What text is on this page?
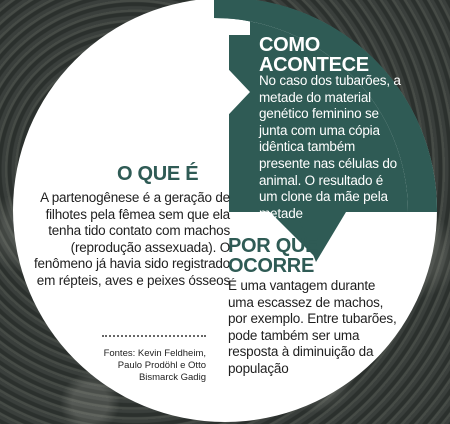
COMO
ACONTECE

No caso dos tubarões, a metade do material genético feminino se junta com uma cópia idêntica também presente nas células do animal. O resultado é um clone da mãe pela metade

O QUE É

A partenogênese é a geração de filhotes pela fêmea sem que ela tenha tido contato com machos (reprodução assexuada). O fenômeno já havia sido registrado em répteis, aves e peixes ósseos

POR QUE
OCORRE

É uma vantagem durante uma escassez de machos, por exemplo. Entre tubarões, pode também ser uma resposta à diminuição da população

Fontes: Kevin Feldheim,
Paulo Prodöhl e Otto
Bismarck Gadig
